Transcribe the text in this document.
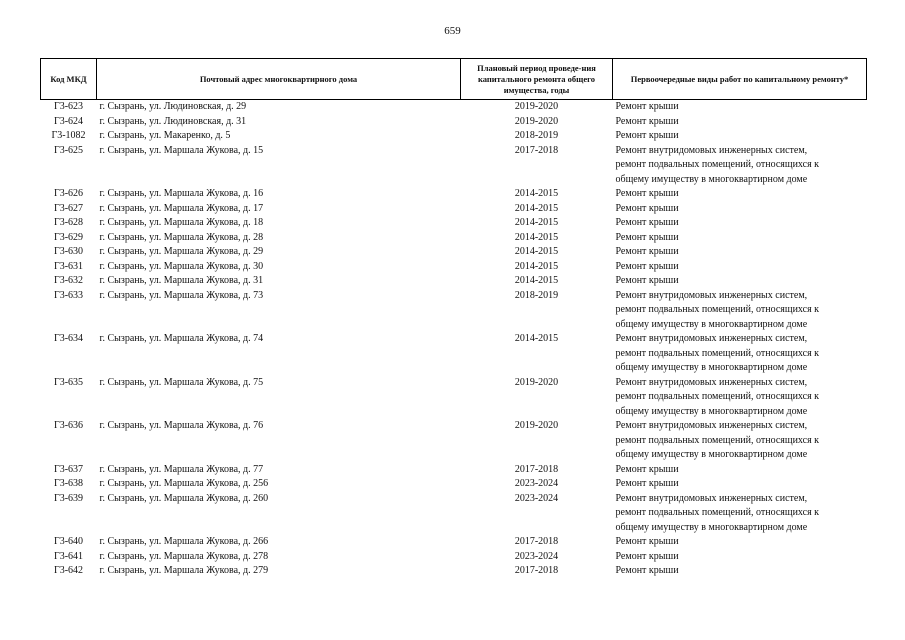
659
Код МКД	Почтовый адрес многоквартирного дома	Плановый период проведе-ния капитального ремонта общего имущества, годы	Первоочередные виды работ по капитальному ремонту*
Г3-623	г. Сызрань, ул. Людиновская, д. 29	2019-2020	Ремонт крыши

Г3-624	г. Сызрань, ул. Людиновская, д. 31	2019-2020	Ремонт крыши

Г3-1082	г. Сызрань, ул. Макаренко, д. 5	2018-2019	Ремонт крыши

Г3-625	г. Сызрань, ул. Маршала Жукова, д. 15	2017-2018	Ремонт внутридомовых инженерных систем,
ремонт подвальных помещений, относящихся к
общему имуществу в многоквартирном доме

Г3-626	г. Сызрань, ул. Маршала Жукова, д. 16	2014-2015	Ремонт крыши

Г3-627	г. Сызрань, ул. Маршала Жукова, д. 17	2014-2015	Ремонт крыши

Г3-628	г. Сызрань, ул. Маршала Жукова, д. 18	2014-2015	Ремонт крыши

Г3-629	г. Сызрань, ул. Маршала Жукова, д. 28	2014-2015	Ремонт крыши

Г3-630	г. Сызрань, ул. Маршала Жукова, д. 29	2014-2015	Ремонт крыши

Г3-631	г. Сызрань, ул. Маршала Жукова, д. 30	2014-2015	Ремонт крыши

Г3-632	г. Сызрань, ул. Маршала Жукова, д. 31	2014-2015	Ремонт крыши

Г3-633	г. Сызрань, ул. Маршала Жукова, д. 73	2018-2019	Ремонт внутридомовых инженерных систем,
ремонт подвальных помещений, относящихся к
общему имуществу в многоквартирном доме

Г3-634	г. Сызрань, ул. Маршала Жукова, д. 74	2014-2015	Ремонт внутридомовых инженерных систем,
ремонт подвальных помещений, относящихся к
общему имуществу в многоквартирном доме

Г3-635	г. Сызрань, ул. Маршала Жукова, д. 75	2019-2020	Ремонт внутридомовых инженерных систем,
ремонт подвальных помещений, относящихся к
общему имуществу в многоквартирном доме

Г3-636	г. Сызрань, ул. Маршала Жукова, д. 76	2019-2020	Ремонт внутридомовых инженерных систем,
ремонт подвальных помещений, относящихся к
общему имуществу в многоквартирном доме

Г3-637	г. Сызрань, ул. Маршала Жукова, д. 77	2017-2018	Ремонт крыши

Г3-638	г. Сызрань, ул. Маршала Жукова, д. 256	2023-2024	Ремонт крыши

Г3-639	г. Сызрань, ул. Маршала Жукова, д. 260	2023-2024	Ремонт внутридомовых инженерных систем,
ремонт подвальных помещений, относящихся к
общему имуществу в многоквартирном доме

Г3-640	г. Сызрань, ул. Маршала Жукова, д. 266	2017-2018	Ремонт крыши

Г3-641	г. Сызрань, ул. Маршала Жукова, д. 278	2023-2024	Ремонт крыши

Г3-642	г. Сызрань, ул. Маршала Жукова, д. 279	2017-2018	Ремонт крыши
